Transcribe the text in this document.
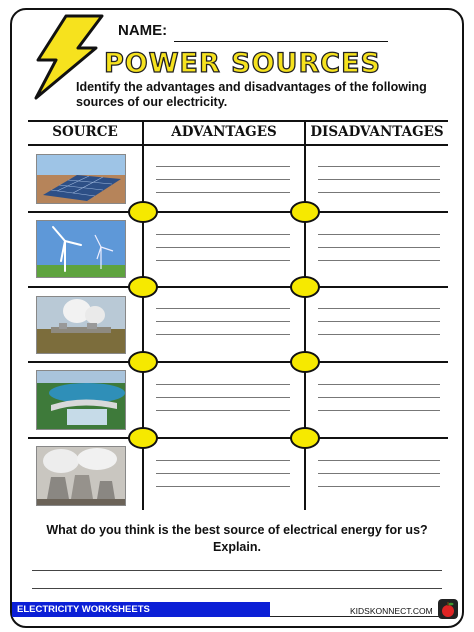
NAME:
POWER SOURCES
Identify the advantages and disadvantages of the following sources of our electricity.
SOURCE	ADVANTAGES	DISADVANTAGES
What do you think is the best source of electrical energy for us?
Explain.
ELECTRICITY WORKSHEETS	KIDSKONNECT.COM
